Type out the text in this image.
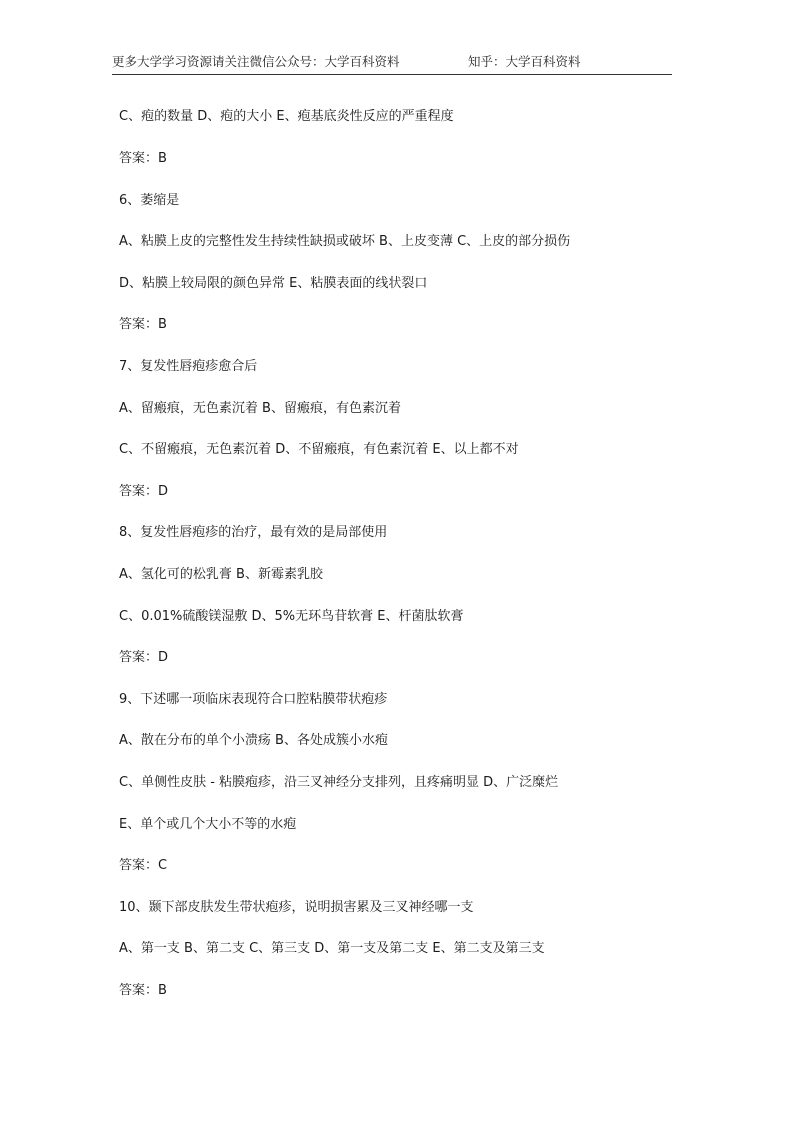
更多大学学习资源请关注微信公众号：大学百科资料	知乎：大学百科资料
C、疱的数量 D、疱的大小 E、疱基底炎性反应的严重程度
答案：B
6、萎缩是
A、粘膜上皮的完整性发生持续性缺损或破坏 B、上皮变薄 C、上皮的部分损伤
D、粘膜上较局限的颜色异常 E、粘膜表面的线状裂口
答案：B
7、复发性唇疱疹愈合后
A、留瘢痕，无色素沉着 B、留瘢痕，有色素沉着
C、不留瘢痕，无色素沉着 D、不留瘢痕，有色素沉着 E、以上都不对
答案：D
8、复发性唇疱疹的治疗，最有效的是局部使用
A、氢化可的松乳膏 B、新霉素乳胶
C、0.01%硫酸镁湿敷 D、5%无环鸟苷软膏 E、杆菌肽软膏
答案：D
9、下述哪一项临床表现符合口腔粘膜带状疱疹
A、散在分布的单个小溃疡 B、各处成簇小水疱
C、单侧性皮肤 - 粘膜疱疹，沿三叉神经分支排列，且疼痛明显 D、广泛糜烂
E、单个或几个大小不等的水疱
答案：C
10、颞下部皮肤发生带状疱疹，说明损害累及三叉神经哪一支
A、第一支 B、第二支 C、第三支 D、第一支及第二支 E、第二支及第三支
答案：B
